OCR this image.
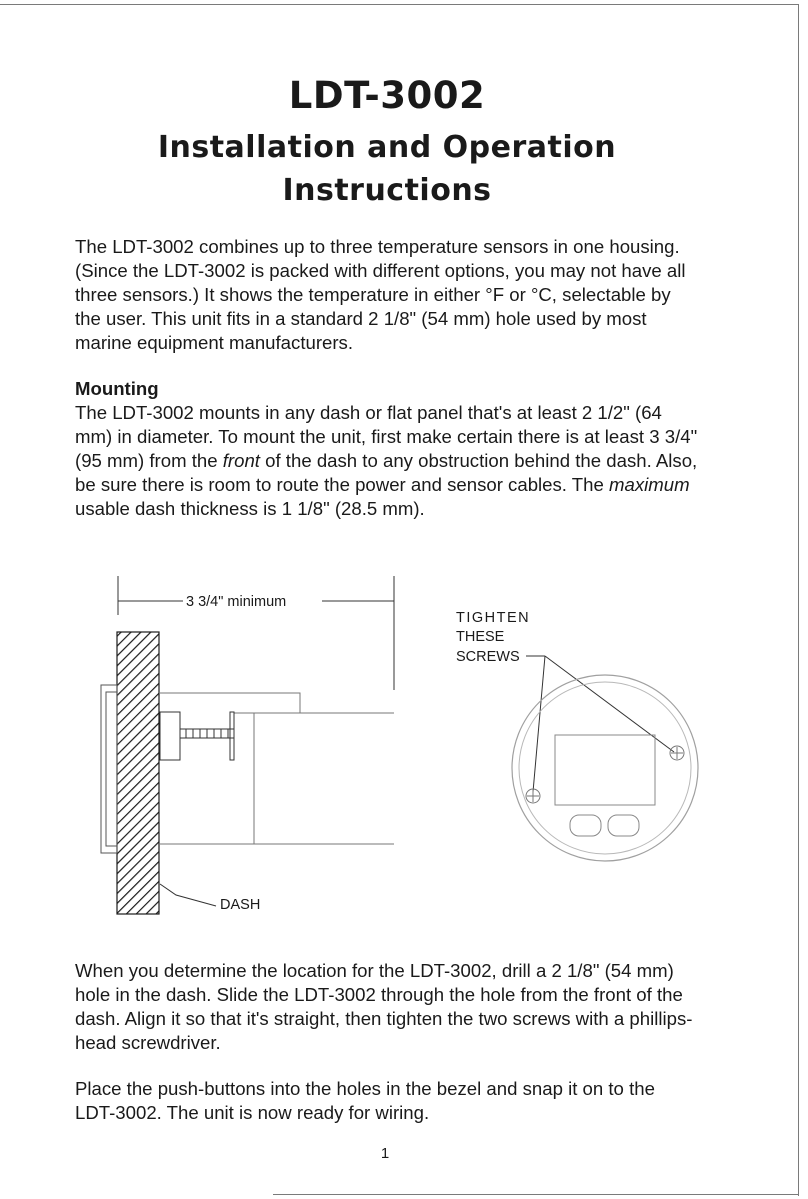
LDT-3002
Installation and Operation
Instructions

The LDT-3002 combines up to three temperature sensors in one housing. (Since the LDT-3002 is packed with different options, you may not have all three sensors.) It shows the temperature in either °F or °C, selectable by the user. This unit fits in a standard 2 1/8" (54 mm) hole used by most marine equipment manufacturers.

Mounting

The LDT-3002 mounts in any dash or flat panel that's at least 2 1/2" (64 mm) in diameter. To mount the unit, first make certain there is at least 3 3/4" (95 mm) from the front of the dash to any obstruction behind the dash. Also, be sure there is room to route the power and sensor cables. The maximum usable dash thickness is 1 1/8" (28.5 mm).

3 3/4" minimum
DASH
TIGHTEN
THESE
SCREWS

When you determine the location for the LDT-3002, drill a 2 1/8" (54 mm) hole in the dash. Slide the LDT-3002 through the hole from the front of the dash. Align it so that it's straight, then tighten the two screws with a phillips-head screwdriver.

Place the push-buttons into the holes in the bezel and snap it on to the LDT-3002. The unit is now ready for wiring.

1
